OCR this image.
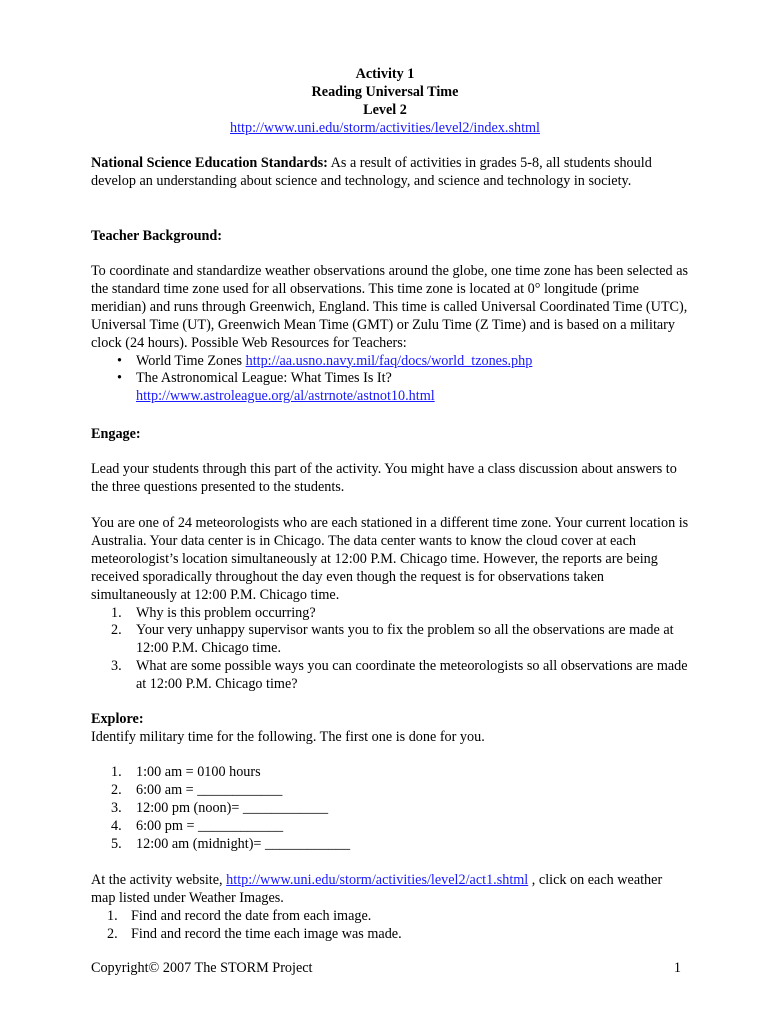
Activity 1
Reading Universal Time
Level 2
http://www.uni.edu/storm/activities/level2/index.shtml
National Science Education Standards: As a result of activities in grades 5-8, all students should develop an understanding about science and technology, and science and technology in society.
Teacher Background:
To coordinate and standardize weather observations around the globe, one time zone has been selected as the standard time zone used for all observations. This time zone is located at 0° longitude (prime meridian) and runs through Greenwich, England. This time is called Universal Coordinated Time (UTC), Universal Time (UT), Greenwich Mean Time (GMT) or Zulu Time (Z Time) and is based on a military clock (24 hours). Possible Web Resources for Teachers:
• World Time Zones http://aa.usno.navy.mil/faq/docs/world_tzones.php
• The Astronomical League: What Times Is It?
http://www.astroleague.org/al/astrnote/astnot10.html
Engage:
Lead your students through this part of the activity. You might have a class discussion about answers to the three questions presented to the students.
You are one of 24 meteorologists who are each stationed in a different time zone. Your current location is Australia. Your data center is in Chicago. The data center wants to know the cloud cover at each meteorologist’s location simultaneously at 12:00 P.M. Chicago time. However, the reports are being received sporadically throughout the day even though the request is for observations taken simultaneously at 12:00 P.M. Chicago time.
1. Why is this problem occurring?
2. Your very unhappy supervisor wants you to fix the problem so all the observations are made at 12:00 P.M. Chicago time.
3. What are some possible ways you can coordinate the meteorologists so all observations are made at 12:00 P.M. Chicago time?
Explore:
Identify military time for the following. The first one is done for you.
1. 1:00 am = 0100 hours
2. 6:00 am = ____________
3. 12:00 pm (noon)= ____________
4. 6:00 pm = ____________
5. 12:00 am (midnight)= ____________
At the activity website, http://www.uni.edu/storm/activities/level2/act1.shtml , click on each weather map listed under Weather Images.
1. Find and record the date from each image.
2. Find and record the time each image was made.
Copyright© 2007 The STORM Project	1
